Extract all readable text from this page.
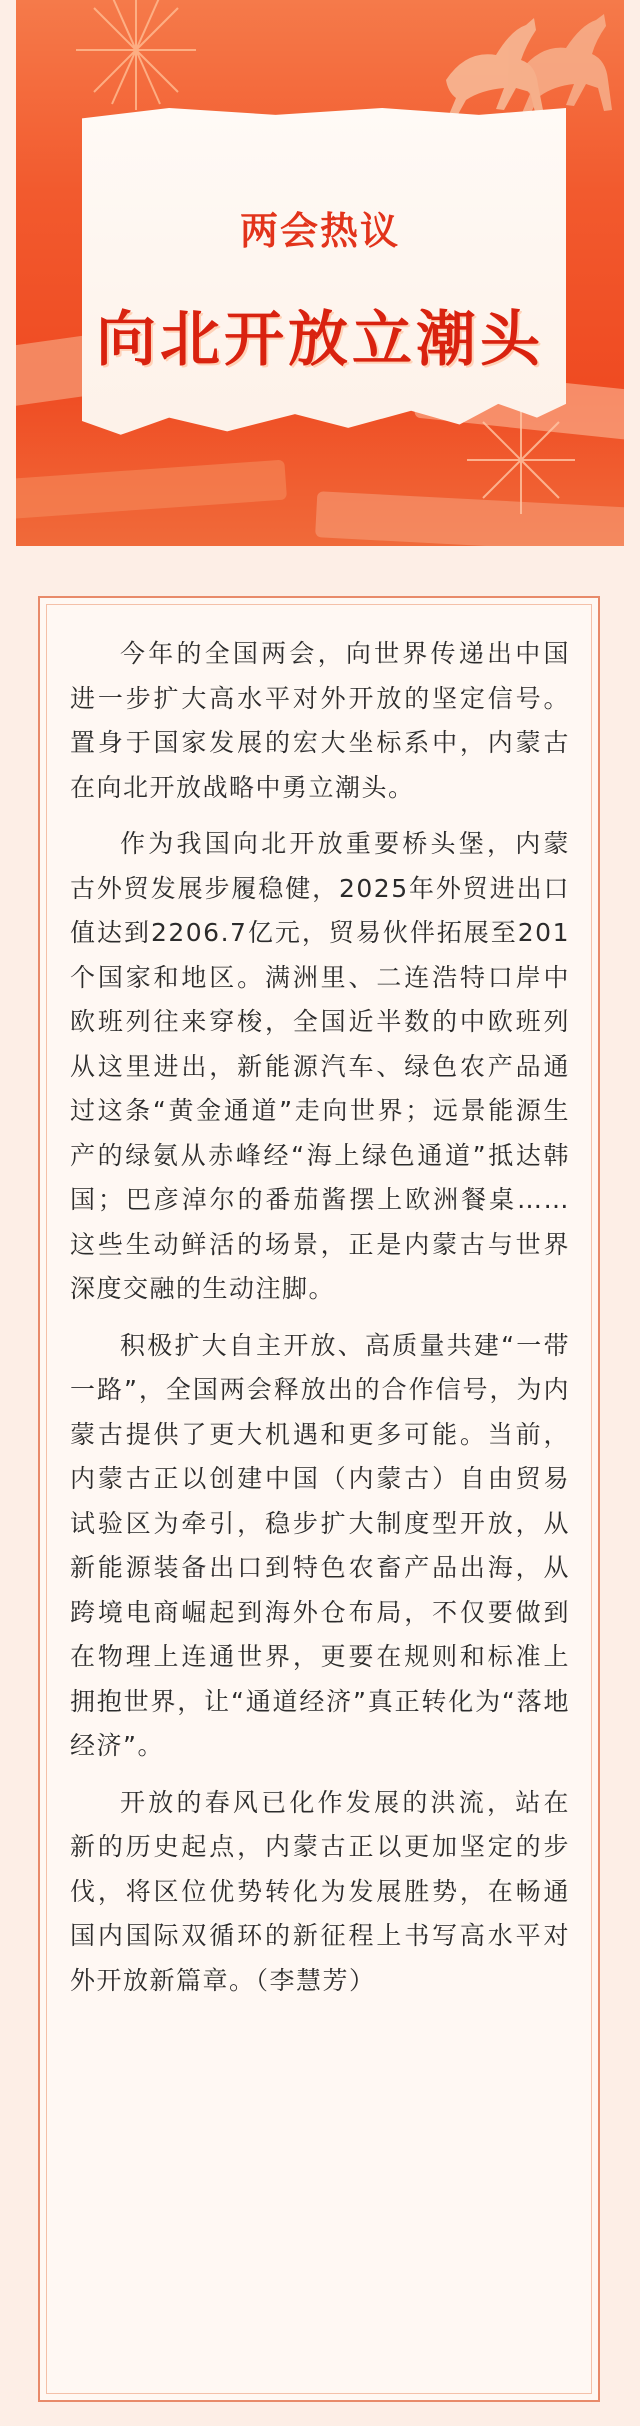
两会热议
向北开放立潮头

今年的全国两会，向世界传递出中国进一步扩大高水平对外开放的坚定信号。置身于国家发展的宏大坐标系中，内蒙古在向北开放战略中勇立潮头。

作为我国向北开放重要桥头堡，内蒙古外贸发展步履稳健，2025年外贸进出口值达到2206.7亿元，贸易伙伴拓展至201个国家和地区。满洲里、二连浩特口岸中欧班列往来穿梭，全国近半数的中欧班列从这里进出，新能源汽车、绿色农产品通过这条“黄金通道”走向世界；远景能源生产的绿氨从赤峰经“海上绿色通道”抵达韩国；巴彦淖尔的番茄酱摆上欧洲餐桌……这些生动鲜活的场景，正是内蒙古与世界深度交融的生动注脚。

积极扩大自主开放、高质量共建“一带一路”，全国两会释放出的合作信号，为内蒙古提供了更大机遇和更多可能。当前，内蒙古正以创建中国（内蒙古）自由贸易试验区为牵引，稳步扩大制度型开放，从新能源装备出口到特色农畜产品出海，从跨境电商崛起到海外仓布局，不仅要做到在物理上连通世界，更要在规则和标准上拥抱世界，让“通道经济”真正转化为“落地经济”。

开放的春风已化作发展的洪流，站在新的历史起点，内蒙古正以更加坚定的步伐，将区位优势转化为发展胜势，在畅通国内国际双循环的新征程上书写高水平对外开放新篇章。（李慧芳）
